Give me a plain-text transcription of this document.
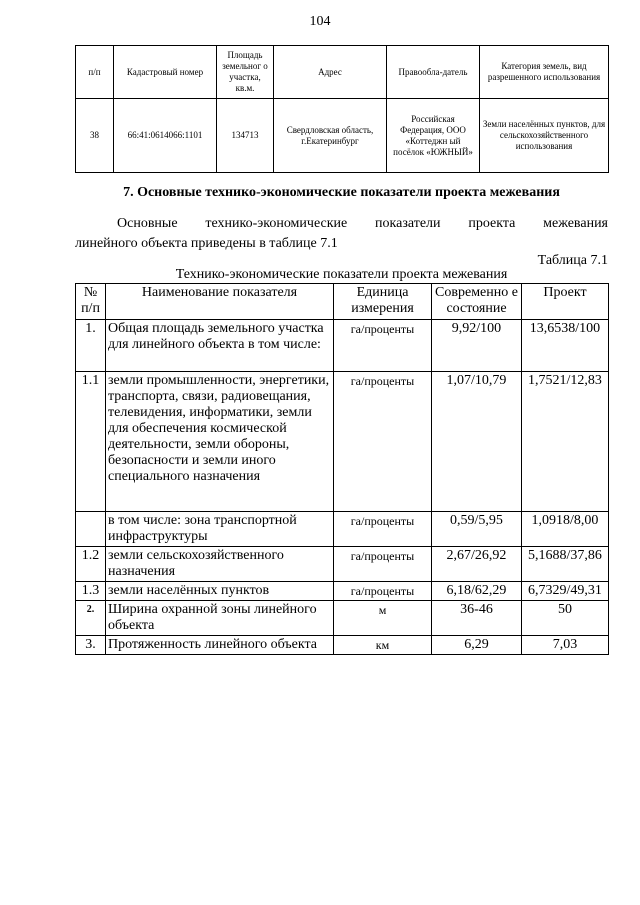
104
п/п	Кадастровый номер	Площадь земельног о участка, кв.м.	Адрес	Правообла-датель	Категория земель, вид разрешенного использования
38	66:41:0614066:1101	134713	Свердловская область, г.Екатеринбург	Российская Федерация, ООО «Коттеджн ый посёлок «ЮЖНЫЙ»	Земли населённых пунктов, для сельскохозяйственного использования
7. Основные технико-экономические показатели проекта межевания
Основные технико-экономические показатели проекта межевания
линейного объекта приведены в таблице 7.1
Таблица 7.1
Технико-экономические показатели проекта межевания
№ п/п	Наименование показателя	Единица измерения	Современно е состояние	Проект
1.	Общая площадь земельного участка для линейного объекта в том числе:	га/проценты	9,92/100	13,6538/100
1.1	земли промышленности, энергетики, транспорта, связи, радиовещания, телевидения, информатики, земли для обеспечения космической деятельности, земли обороны, безопасности и земли иного специального назначения	га/проценты	1,07/10,79	1,7521/12,83
	в том числе: зона транспортной инфраструктуры	га/проценты	0,59/5,95	1,0918/8,00
1.2	земли сельскохозяйственного назначения	га/проценты	2,67/26,92	5,1688/37,86
1.3	земли населённых пунктов	га/проценты	6,18/62,29	6,7329/49,31
2.	Ширина охранной зоны линейного объекта	м	36-46	50
3.	Протяженность линейного объекта	км	6,29	7,03
